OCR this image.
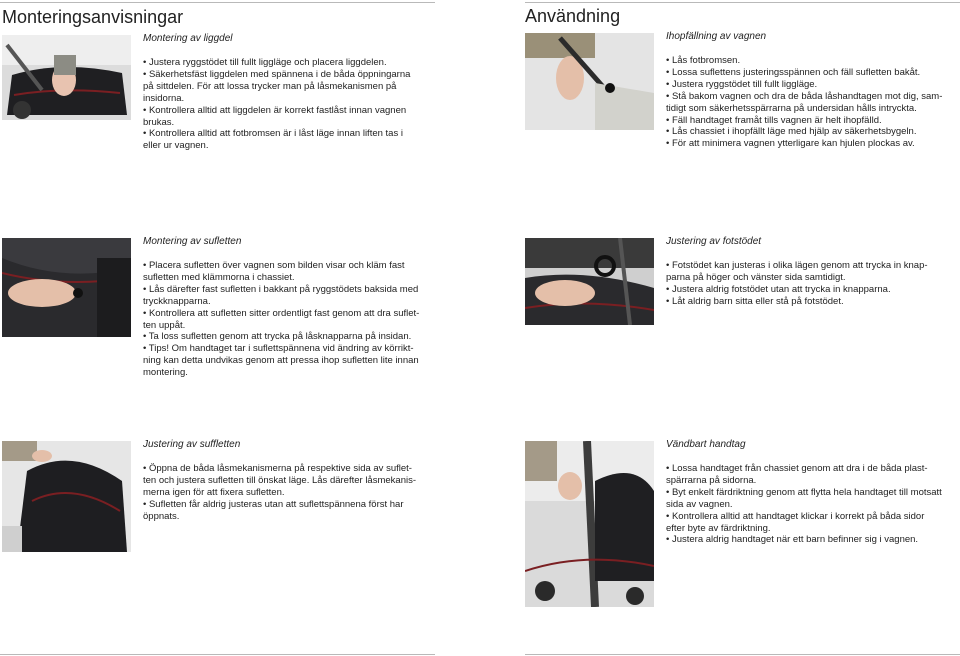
Monteringsanvisningar
Montering av liggdel

• Justera ryggstödet till fullt liggläge och placera liggdelen.

• Säkerhetsfäst liggdelen med spännena i de båda öppningarna

på sittdelen. För att lossa trycker man på låsmekanismen på

insidorna.

• Kontrollera alltid att liggdelen är korrekt fastlåst innan vagnen

brukas.

• Kontrollera alltid att fotbromsen är i låst läge innan liften tas i

eller ur vagnen.

Montering av sufletten

• Placera sufletten över vagnen som bilden visar och kläm fast

sufletten med klämmorna i chassiet.

• Lås därefter fast sufletten i bakkant på ryggstödets baksida med

tryckknapparna.

• Kontrollera att sufletten sitter ordentligt fast genom att dra suflet-

ten uppåt.

• Ta loss sufletten genom att trycka på låsknapparna på insidan.

• Tips! Om handtaget tar i suflettspännena vid ändring av körrikt-

ning kan detta undvikas genom att pressa ihop sufletten lite innan

montering.

Justering av suffletten

• Öppna de båda låsmekanismerna på respektive sida av suflet-

ten och justera sufletten till önskat läge. Lås därefter låsmekanis-

merna igen för att fixera sufletten.

• Sufletten får aldrig justeras utan att suflettspännena först har

öppnats.

Användning
Ihopfällning av vagnen

• Lås fotbromsen.

• Lossa suflettens justeringsspännen och fäll sufletten bakåt.

• Justera ryggstödet till fullt liggläge.

• Stå bakom vagnen och dra de båda låshandtagen mot dig, sam-

tidigt som säkerhetsspärrarna på undersidan hålls intryckta.

• Fäll handtaget framåt tills vagnen är helt ihopfälld.

• Lås chassiet i ihopfällt läge med hjälp av säkerhetsbygeln.

• För att minimera vagnen ytterligare kan hjulen plockas av.

Justering av fotstödet

• Fotstödet kan justeras i olika lägen genom att trycka in knap-

parna på höger och vänster sida samtidigt.

• Justera aldrig fotstödet utan att trycka in knapparna.

• Låt aldrig barn sitta eller stå på fotstödet.

Vändbart handtag

• Lossa handtaget från chassiet genom att dra i de båda plast-

spärrarna på sidorna.

• Byt enkelt färdriktning genom att flytta hela handtaget till motsatt

sida av vagnen.

• Kontrollera alltid att handtaget klickar i korrekt på båda sidor

efter byte av färdriktning.

• Justera aldrig handtaget när ett barn befinner sig i vagnen.
